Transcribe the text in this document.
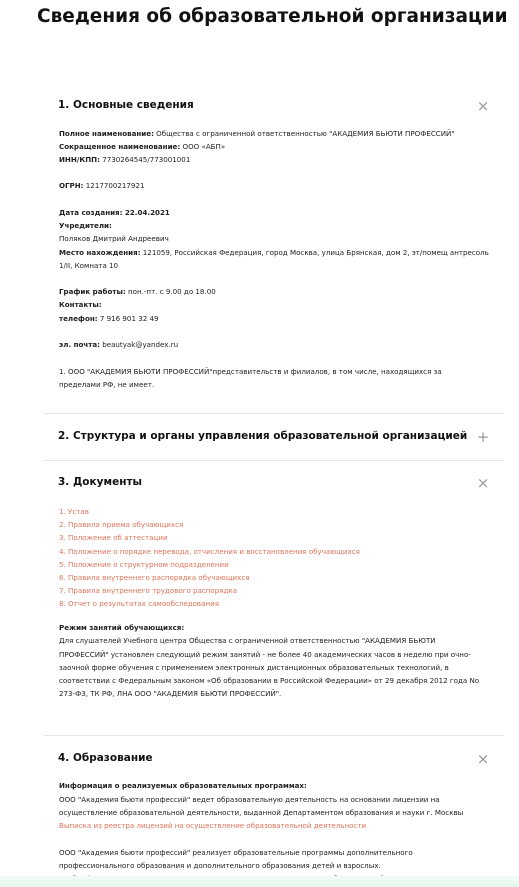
Сведения об образовательной организации
1. Основные сведения	×
Полное наименование: Общества с ограниченной ответственностью "АКАДЕМИЯ БЬЮТИ ПРОФЕССИЙ"
Сокращенное наименование: ООО «АБП»
ИНН/КПП: 7730264545/773001001
ОГРН: 1217700217921
Дата создания: 22.04.2021
Учредители:
Поляков Дмитрий Андреевич
Место нахождения: 121059, Российская Федерация, город Москва, улица Брянская, дом 2, эт/помещ антресоль
1/II, Комната 10
График работы: пон.-пт. с 9.00 до 18.00
Контакты:
телефон: 7 916 901 32 49
эл. почта: beautyak@yandex.ru
1. ООО "АКАДЕМИЯ БЬЮТИ ПРОФЕССИЙ"представительств и филиалов, в том числе, находящихся за
пределами РФ, не имеет.
2. Структура и органы управления образовательной организацией +
3. Документы	×
1. Устав
2. Правила приема обучающихся
3. Положение об аттестации
4. Положение о порядке перевода, отчисления и восстановления обучающихся
5. Положение о структурном подразделении
6. Правила внутреннего распорядка обучающихся
7. Правила внутреннего трудового распорядка
8. Отчет о результатах самообследования
Режим занятий обучающихся:
Для слушателей Учебного центра Общества с ограниченной ответственностью "АКАДЕМИЯ БЬЮТИ
ПРОФЕССИЙ" установлен следующий режим занятий - не более 40 академических часов в неделю при очно-
заочной форме обучения с применением электронных дистанционных образовательных технологий, в
соответствии с Федеральным законом «Об образовании в Российской Федерации» от 29 декабря 2012 года No
273-ФЗ, ТК РФ, ЛНА ООО "АКАДЕМИЯ БЬЮТИ ПРОФЕССИЙ".
4. Образование	×
Информация о реализуемых образовательных программах:
ООО "Академия бьюти профессий" ведет образовательную деятельность на основании лицензии на
осуществление образовательной деятельности, выданной Департаментом образования и науки г. Москвы
Выписка из реестра лицензий на осуществление образовательной деятельности
ООО "Академия бьюти профессий" реализует образовательные программы дополнительного
профессионального образования и дополнительного образования детей и взрослых.
